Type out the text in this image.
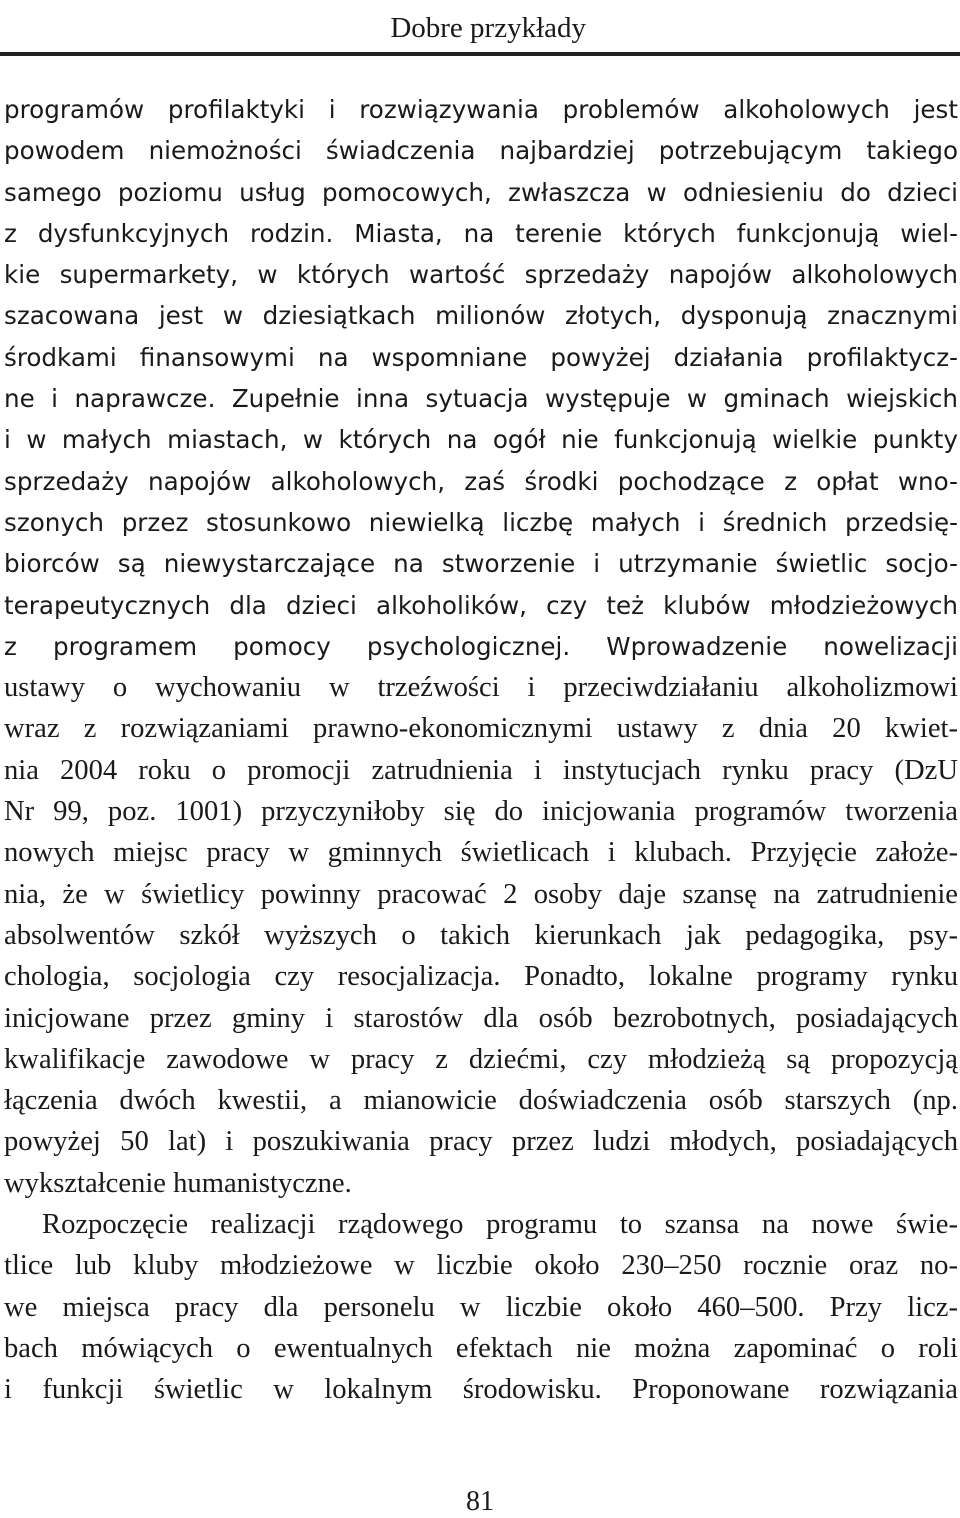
Dobre przykłady
programów profilaktyki i rozwiązywania problemów alkoholowych jest
powodem niemożności świadczenia najbardziej potrzebującym takiego
samego poziomu usług pomocowych, zwłaszcza w odniesieniu do dzieci
z dysfunkcyjnych rodzin. Miasta, na terenie których funkcjonują wiel-
kie supermarkety, w których wartość sprzedaży napojów alkoholowych
szacowana jest w dziesiątkach milionów złotych, dysponują znacznymi
środkami finansowymi na wspomniane powyżej działania profilaktycz-
ne i naprawcze. Zupełnie inna sytuacja występuje w gminach wiejskich
i w małych miastach, w których na ogół nie funkcjonują wielkie punkty
sprzedaży napojów alkoholowych, zaś środki pochodzące z opłat wno-
szonych przez stosunkowo niewielką liczbę małych i średnich przedsię-
biorców są niewystarczające na stworzenie i utrzymanie świetlic socjo-
terapeutycznych dla dzieci alkoholików, czy też klubów młodzieżowych
z programem pomocy psychologicznej. Wprowadzenie nowelizacji
ustawy o wychowaniu w trzeźwości i przeciwdziałaniu alkoholizmowi
wraz z rozwiązaniami prawno-ekonomicznymi ustawy z dnia 20 kwiet-
nia 2004 roku o promocji zatrudnienia i instytucjach rynku pracy (DzU
Nr 99, poz. 1001) przyczyniłoby się do inicjowania programów tworzenia
nowych miejsc pracy w gminnych świetlicach i klubach. Przyjęcie założe-
nia, że w świetlicy powinny pracować 2 osoby daje szansę na zatrudnienie
absolwentów szkół wyższych o takich kierunkach jak pedagogika, psy-
chologia, socjologia czy resocjalizacja. Ponadto, lokalne programy rynku
inicjowane przez gminy i starostów dla osób bezrobotnych, posiadających
kwalifikacje zawodowe w pracy z dziećmi, czy młodzieżą są propozycją
łączenia dwóch kwestii, a mianowicie doświadczenia osób starszych (np.
powyżej 50 lat) i poszukiwania pracy przez ludzi młodych, posiadających
wykształcenie humanistyczne.
Rozpoczęcie realizacji rządowego programu to szansa na nowe świe-
tlice lub kluby młodzieżowe w liczbie około 230–250 rocznie oraz no-
we miejsca pracy dla personelu w liczbie około 460–500. Przy licz-
bach mówiących o ewentualnych efektach nie można zapominać o roli
i funkcji świetlic w lokalnym środowisku. Proponowane rozwiązania
81
